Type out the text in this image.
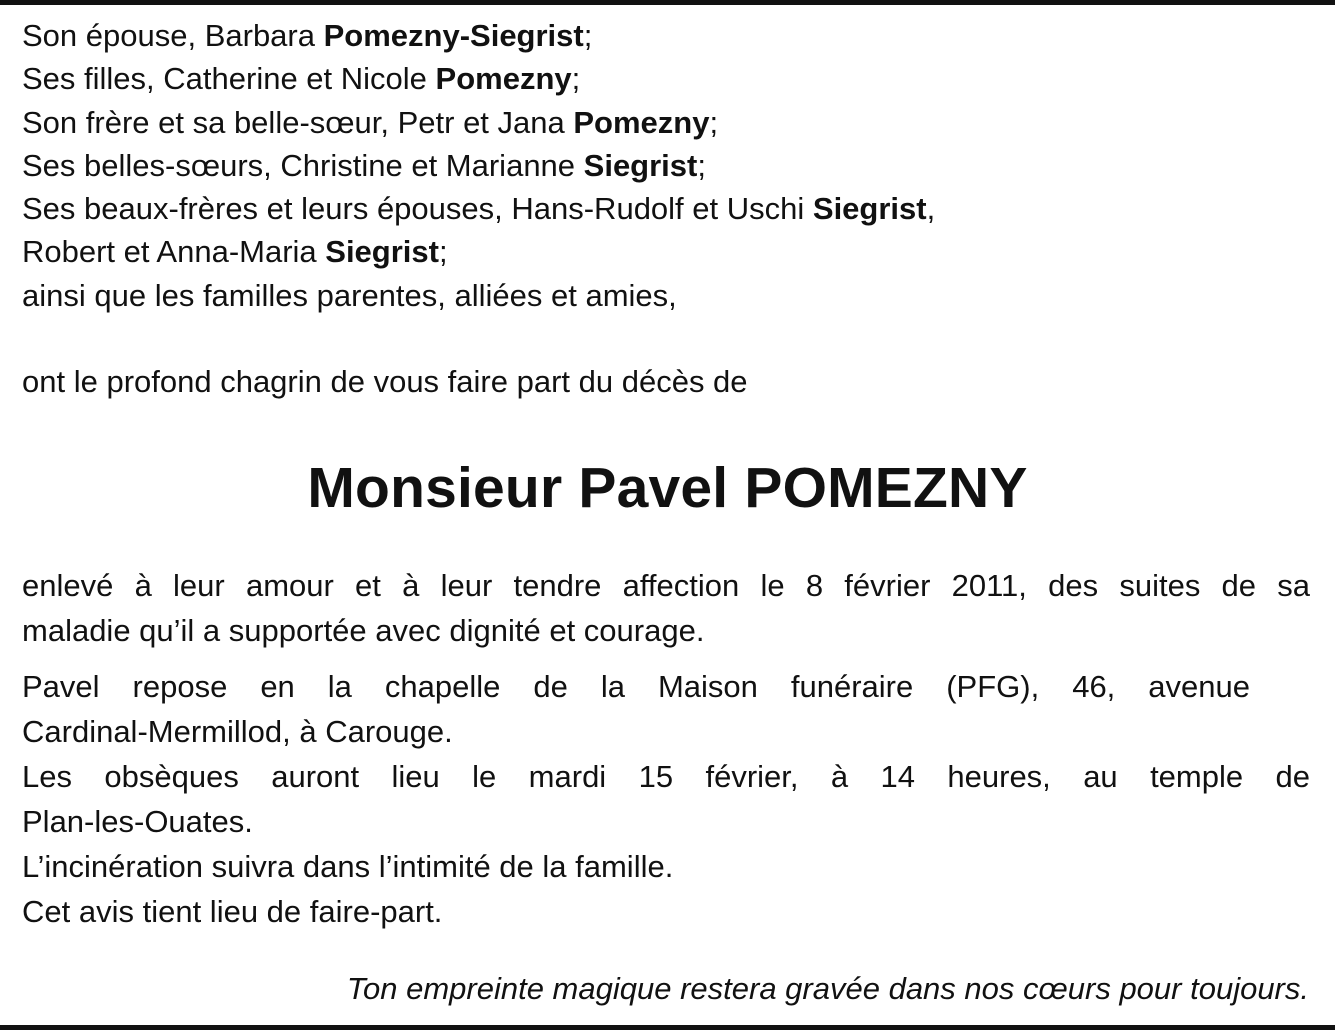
Son épouse, Barbara Pomezny-Siegrist;
Ses filles, Catherine et Nicole Pomezny;
Son frère et sa belle-sœur, Petr et Jana Pomezny;
Ses belles-sœurs, Christine et Marianne Siegrist;
Ses beaux-frères et leurs épouses, Hans-Rudolf et Uschi Siegrist,
Robert et Anna-Maria Siegrist;
ainsi que les familles parentes, alliées et amies,
ont le profond chagrin de vous faire part du décès de
Monsieur Pavel POMEZNY
enlevé à leur amour et à leur tendre affection le 8 février 2011, des suites de sa
maladie qu’il a supportée avec dignité et courage.
Pavel repose en la chapelle de la Maison funéraire (PFG), 46, avenue
Cardinal-Mermillod, à Carouge.
Les obsèques auront lieu le mardi 15 février, à 14 heures, au temple de
Plan-les-Ouates.
L’incinération suivra dans l’intimité de la famille.
Cet avis tient lieu de faire-part.
Ton empreinte magique restera gravée dans nos cœurs pour toujours.
